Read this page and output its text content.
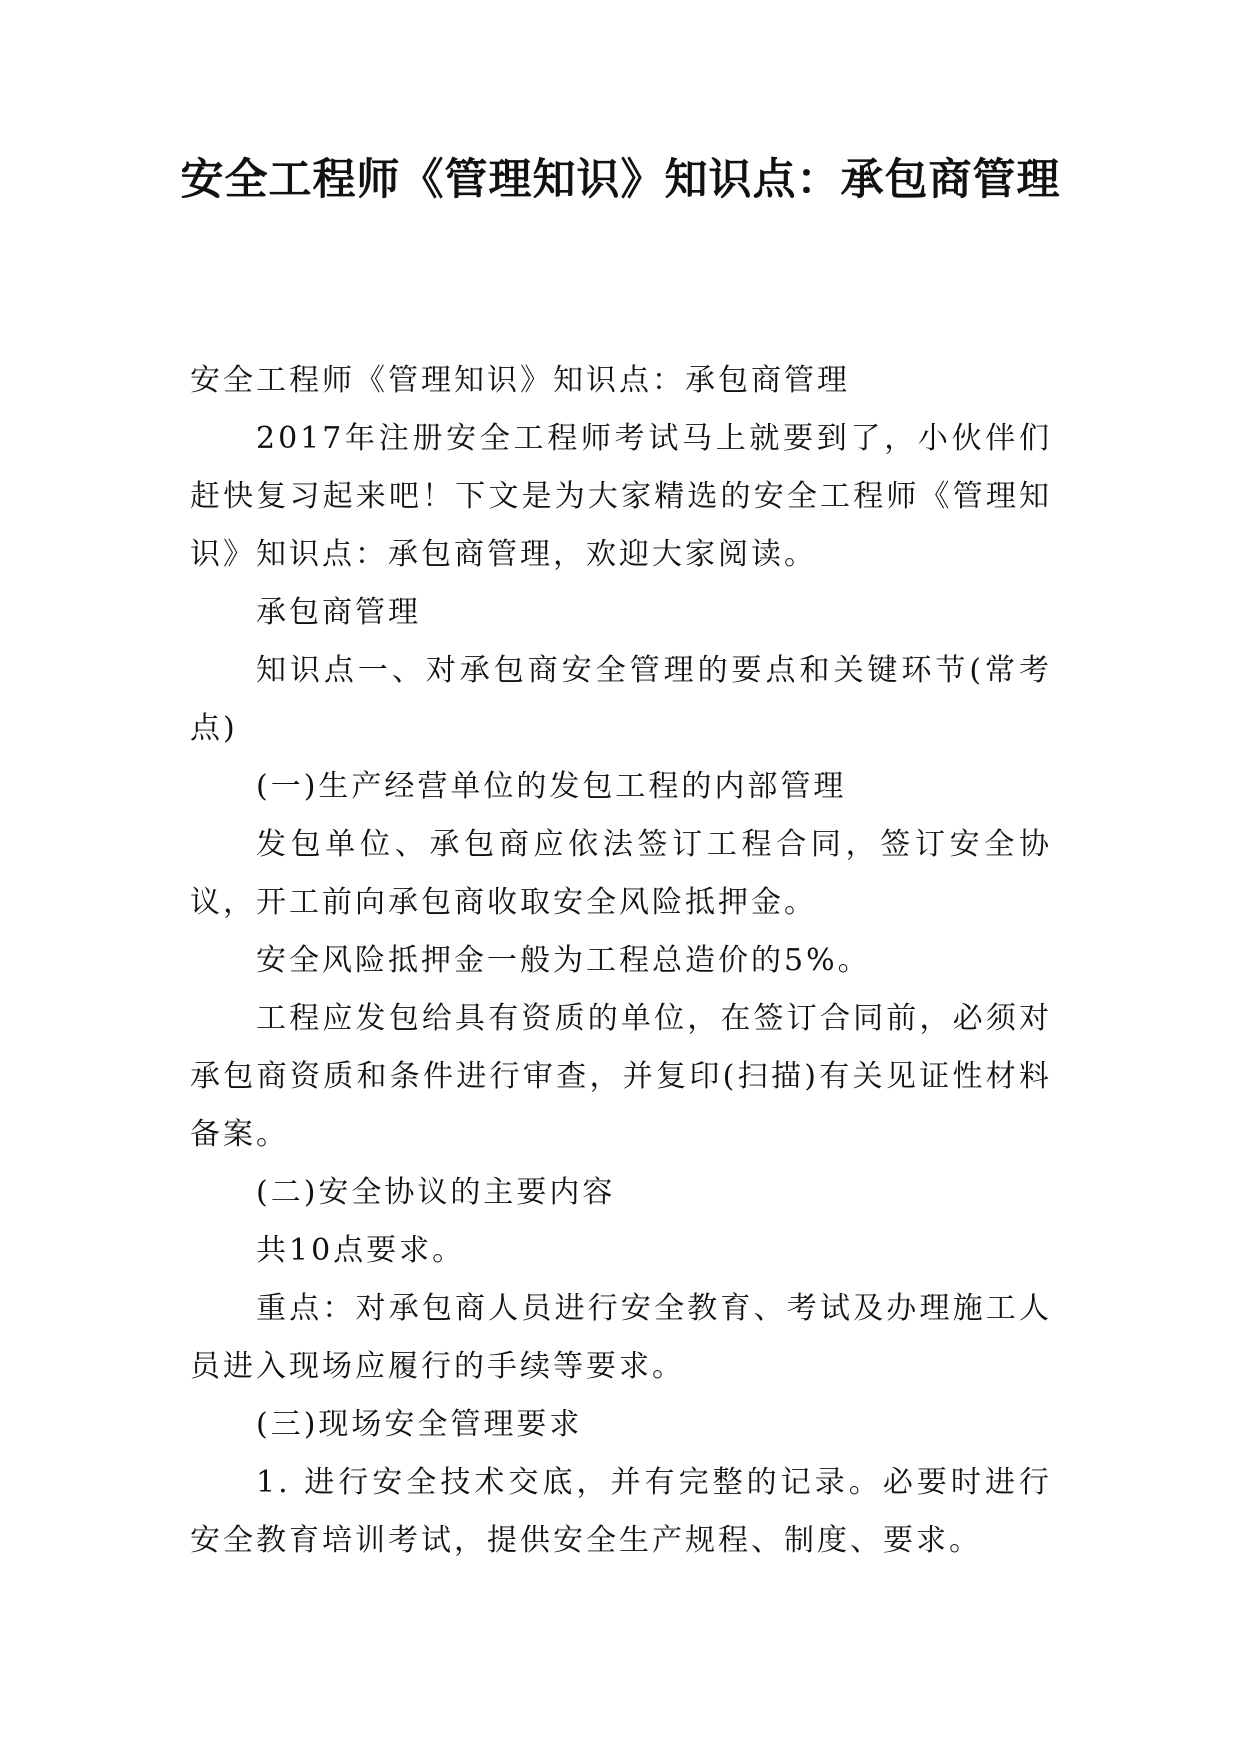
安全工程师《管理知识》知识点：承包商管理

安全工程师《管理知识》知识点：承包商管理

2017年注册安全工程师考试马上就要到了，小伙伴们赶快复习起来吧！下文是为大家精选的安全工程师《管理知识》知识点：承包商管理，欢迎大家阅读。

承包商管理

知识点一、对承包商安全管理的要点和关键环节(常考点)

(一)生产经营单位的发包工程的内部管理

发包单位、承包商应依法签订工程合同，签订安全协议，开工前向承包商收取安全风险抵押金。

安全风险抵押金一般为工程总造价的5%。

工程应发包给具有资质的单位，在签订合同前，必须对承包商资质和条件进行审查，并复印(扫描)有关见证性材料备案。

(二)安全协议的主要内容

共10点要求。

重点：对承包商人员进行安全教育、考试及办理施工人员进入现场应履行的手续等要求。

(三)现场安全管理要求

1. 进行安全技术交底，并有完整的记录。必要时进行安全教育培训考试，提供安全生产规程、制度、要求。
